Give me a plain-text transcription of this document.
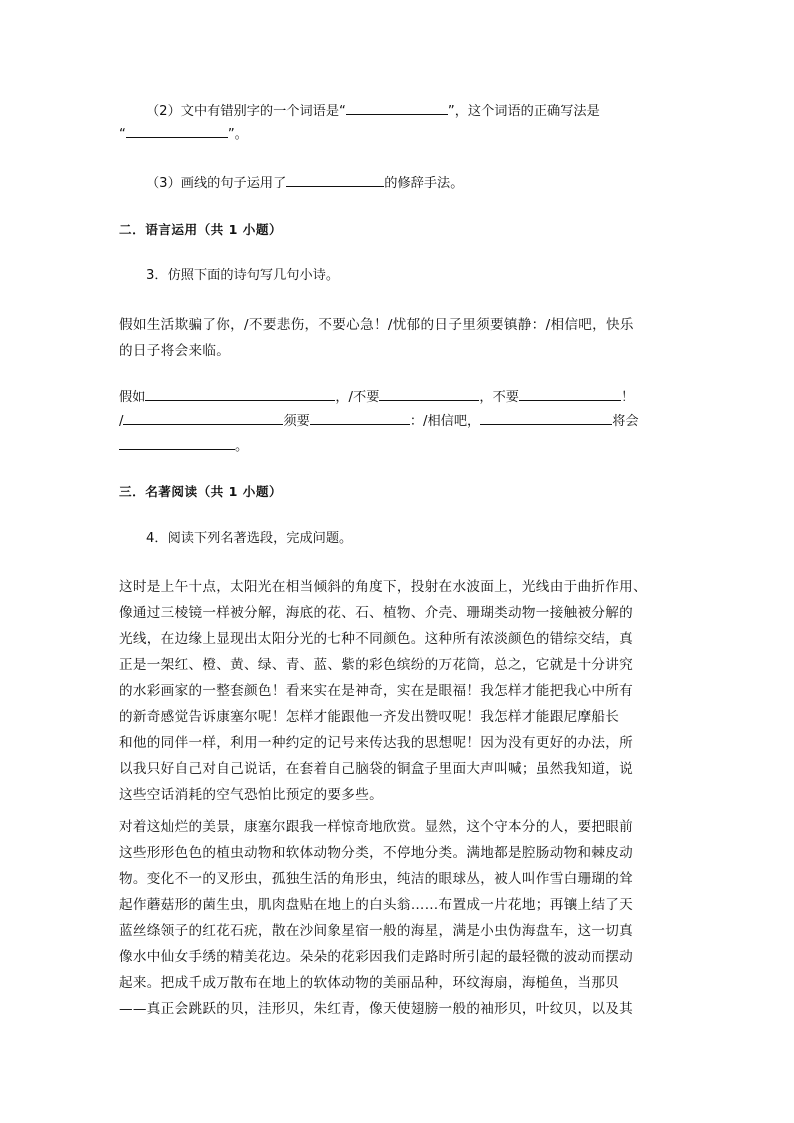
（2）文中有错别字的一个词语是“	”，这个词语的正确写法是
“	”。
（3）画线的句子运用了	的修辞手法。
二．语言运用（共 1 小题）
3．仿照下面的诗句写几句小诗。
假如生活欺骗了你，/不要悲伤，不要心急！/忧郁的日子里须要镇静：/相信吧，快乐
的日子将会来临。
假如	，/不要	，不要	！
/	须要	：/相信吧，	将会
。
三．名著阅读（共 1 小题）
4．阅读下列名著选段，完成问题。
这时是上午十点，太阳光在相当倾斜的角度下，投射在水波面上，光线由于曲折作用、
像通过三棱镜一样被分解，海底的花、石、植物、介壳、珊瑚类动物一接触被分解的
光线，在边缘上显现出太阳分光的七种不同颜色。这种所有浓淡颜色的错综交结，真
正是一架红、橙、黄、绿、青、蓝、紫的彩色缤纷的万花筒，总之，它就是十分讲究
的水彩画家的一整套颜色！看来实在是神奇，实在是眼福！我怎样才能把我心中所有
的新奇感觉告诉康塞尔呢！怎样才能跟他一齐发出赞叹呢！我怎样才能跟尼摩船长
和他的同伴一样，利用一种约定的记号来传达我的思想呢！因为没有更好的办法，所
以我只好自己对自己说话，在套着自己脑袋的铜盒子里面大声叫喊；虽然我知道，说
这些空话消耗的空气恐怕比预定的要多些。
对着这灿烂的美景，康塞尔跟我一样惊奇地欣赏。显然，这个守本分的人，要把眼前
这些形形色色的植虫动物和软体动物分类，不停地分类。满地都是腔肠动物和棘皮动
物。变化不一的叉形虫，孤独生活的角形虫，纯洁的眼球丛，被人叫作雪白珊瑚的耸
起作蘑菇形的菌生虫，肌肉盘贴在地上的白头翁……布置成一片花地；再镶上结了天
蓝丝绦领子的红花石疣，散在沙间象星宿一般的海星，满是小虫伪海盘车，这一切真
像水中仙女手绣的精美花边。朵朵的花彩因我们走路时所引起的最轻微的波动而摆动
起来。把成千成万散布在地上的软体动物的美丽品种，环纹海扇，海槌鱼，当那贝
——真正会跳跃的贝，洼形贝，朱红青，像天使翅膀一般的袖形贝，叶纹贝，以及其
